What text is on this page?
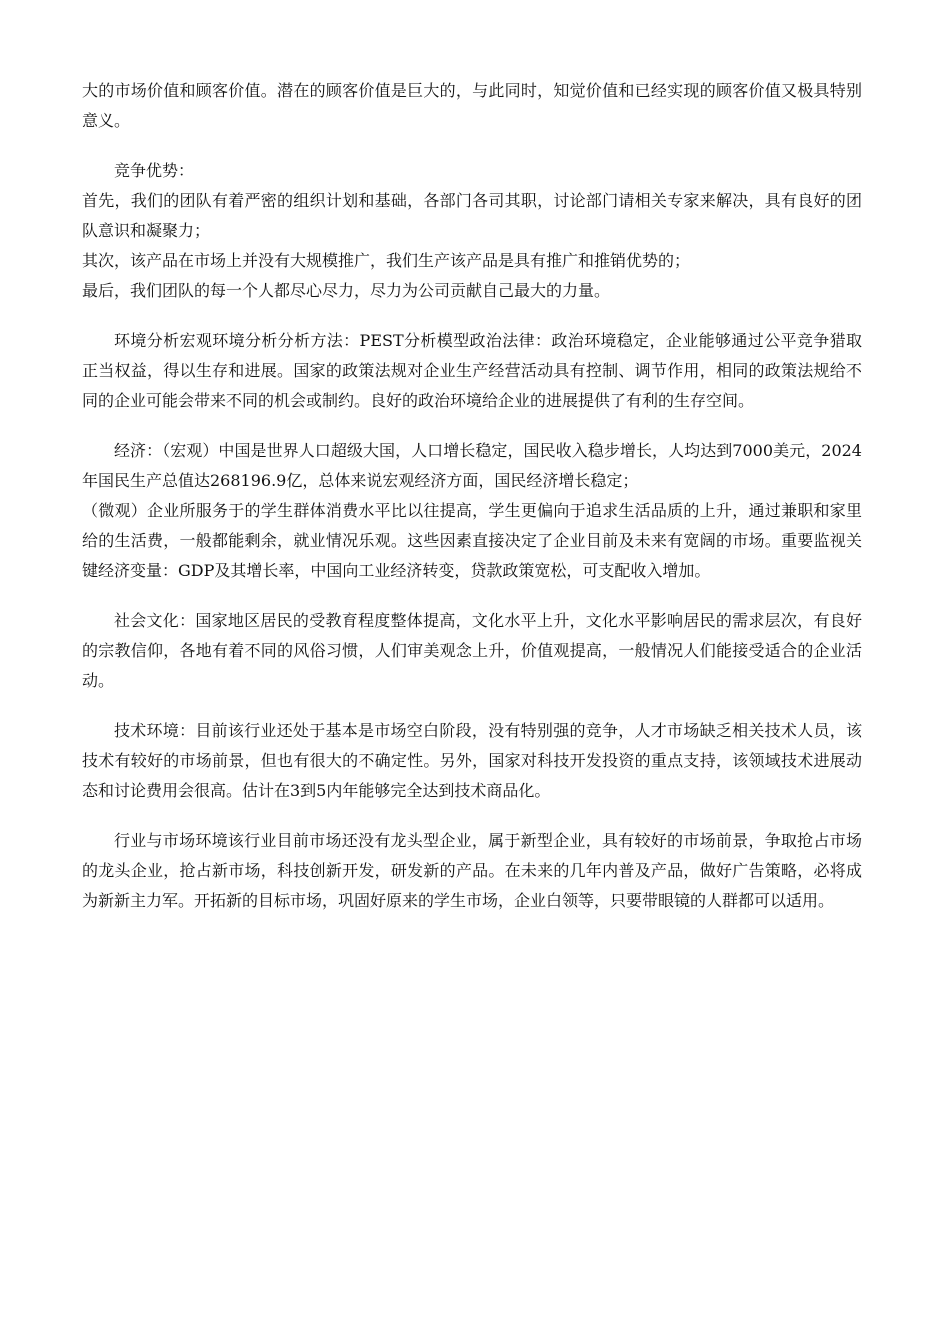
大的市场价值和顾客价值。潜在的顾客价值是巨大的，与此同时，知觉价值和已经实现的顾客价值又极具特别意义。

竞争优势：

首先，我们的团队有着严密的组织计划和基础，各部门各司其职，讨论部门请相关专家来解决，具有良好的团队意识和凝聚力；

其次，该产品在市场上并没有大规模推广，我们生产该产品是具有推广和推销优势的；

最后，我们团队的每一个人都尽心尽力，尽力为公司贡献自己最大的力量。

环境分析宏观环境分析分析方法：PEST分析模型政治法律：政治环境稳定，企业能够通过公平竞争猎取正当权益，得以生存和进展。国家的政策法规对企业生产经营活动具有控制、调节作用，相同的政策法规给不同的企业可能会带来不同的机会或制约。良好的政治环境给企业的进展提供了有利的生存空间。

经济：（宏观）中国是世界人口超级大国，人口增长稳定，国民收入稳步增长，人均达到7000美元，2024年国民生产总值达268196.9亿，总体来说宏观经济方面，国民经济增长稳定；

（微观）企业所服务于的学生群体消费水平比以往提高，学生更偏向于追求生活品质的上升，通过兼职和家里给的生活费，一般都能剩余，就业情况乐观。这些因素直接决定了企业目前及未来有宽阔的市场。重要监视关键经济变量：GDP及其增长率，中国向工业经济转变，贷款政策宽松，可支配收入增加。

社会文化：国家地区居民的受教育程度整体提高，文化水平上升，文化水平影响居民的需求层次，有良好的宗教信仰，各地有着不同的风俗习惯，人们审美观念上升，价值观提高，一般情况人们能接受适合的企业活动。

技术环境：目前该行业还处于基本是市场空白阶段，没有特别强的竞争，人才市场缺乏相关技术人员，该技术有较好的市场前景，但也有很大的不确定性。另外，国家对科技开发投资的重点支持，该领域技术进展动态和讨论费用会很高。估计在3到5内年能够完全达到技术商品化。

行业与市场环境该行业目前市场还没有龙头型企业，属于新型企业，具有较好的市场前景，争取抢占市场的龙头企业，抢占新市场，科技创新开发，研发新的产品。在未来的几年内普及产品，做好广告策略，必将成为新新主力军。开拓新的目标市场，巩固好原来的学生市场，企业白领等，只要带眼镜的人群都可以适用。
